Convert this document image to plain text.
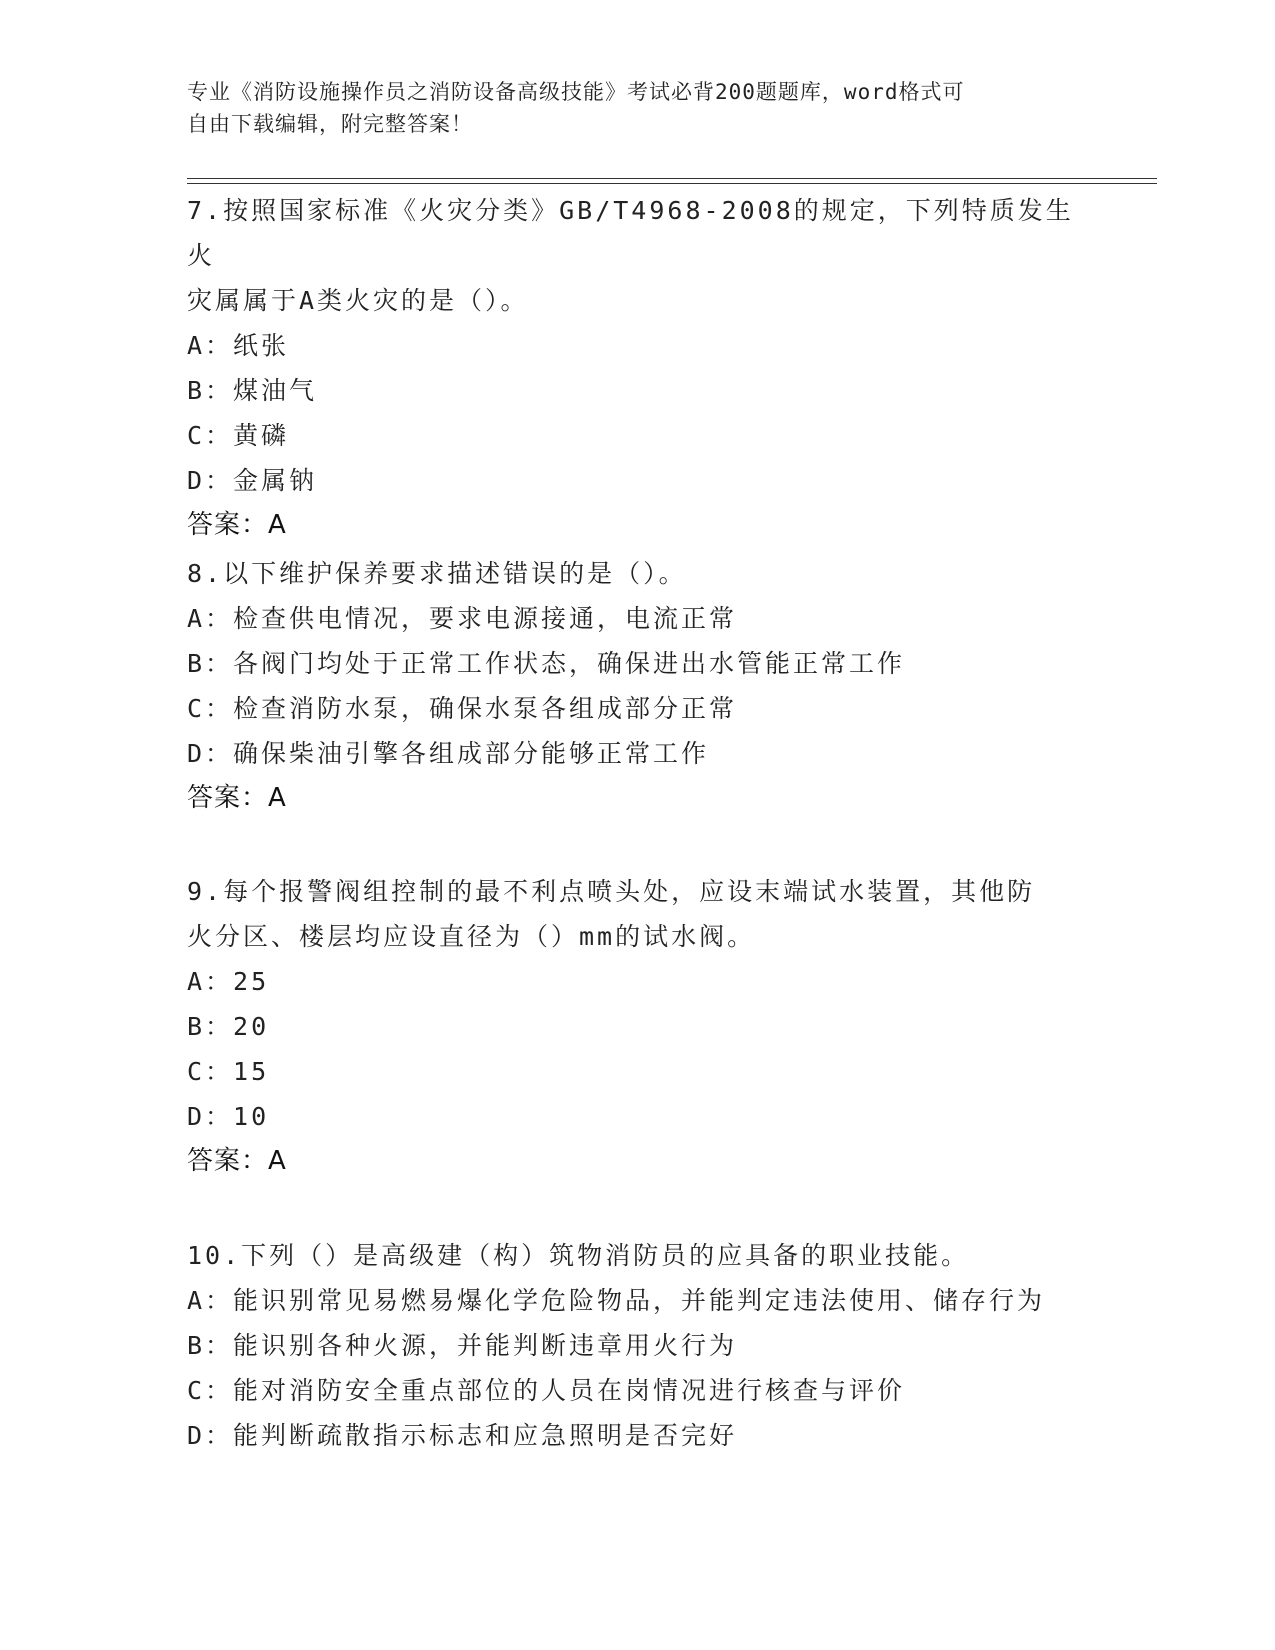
专业《消防设施操作员之消防设备高级技能》考试必背200题题库，word格式可
自由下载编辑，附完整答案！
7.按照国家标准《火灾分类》GB/T4968-2008的规定，下列特质发生火
灾属属于A类火灾的是（）。
A：纸张
B：煤油气
C：黄磷
D：金属钠
答案：A
8.以下维护保养要求描述错误的是（）。
A：检查供电情况，要求电源接通，电流正常
B：各阀门均处于正常工作状态，确保进出水管能正常工作
C：检查消防水泵，确保水泵各组成部分正常
D：确保柴油引擎各组成部分能够正常工作
答案：A
9.每个报警阀组控制的最不利点喷头处，应设末端试水装置，其他防
火分区、楼层均应设直径为（）mm的试水阀。
A：25
B：20
C：15
D：10
答案：A
10.下列（）是高级建（构）筑物消防员的应具备的职业技能。
A：能识别常见易燃易爆化学危险物品，并能判定违法使用、储存行为
B：能识别各种火源，并能判断违章用火行为
C：能对消防安全重点部位的人员在岗情况进行核查与评价
D：能判断疏散指示标志和应急照明是否完好
